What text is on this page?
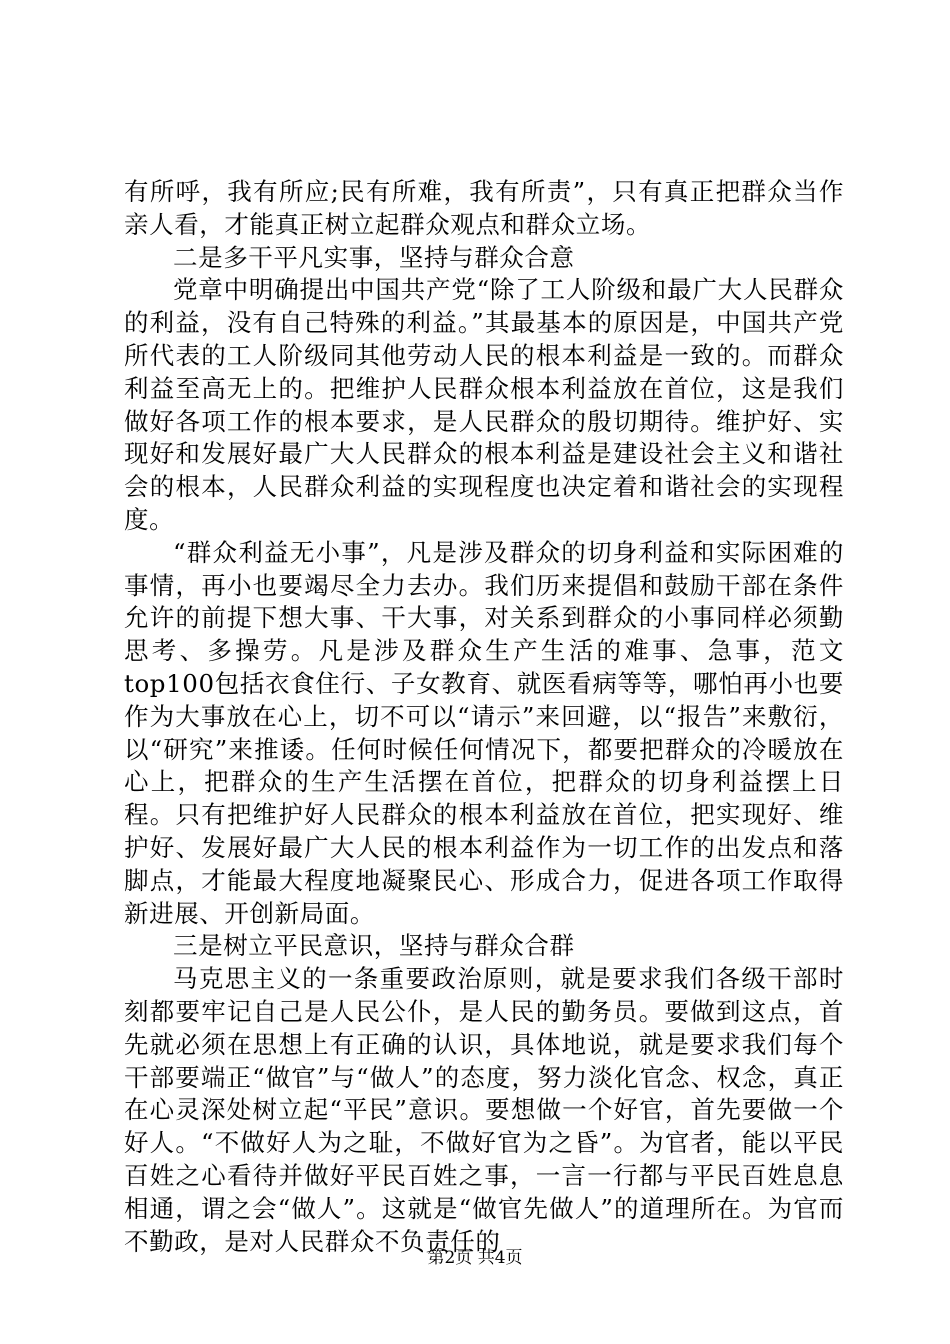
有所呼，我有所应;民有所难，我有所责”，只有真正把群众当作亲人看，才能真正树立起群众观点和群众立场。

二是多干平凡实事，坚持与群众合意

党章中明确提出中国共产党“除了工人阶级和最广大人民群众的利益，没有自己特殊的利益。”其最基本的原因是，中国共产党所代表的工人阶级同其他劳动人民的根本利益是一致的。而群众利益至高无上的。把维护人民群众根本利益放在首位，这是我们做好各项工作的根本要求，是人民群众的殷切期待。维护好、实现好和发展好最广大人民群众的根本利益是建设社会主义和谐社会的根本，人民群众利益的实现程度也决定着和谐社会的实现程度。

“群众利益无小事”，凡是涉及群众的切身利益和实际困难的事情，再小也要竭尽全力去办。我们历来提倡和鼓励干部在条件允许的前提下想大事、干大事，对关系到群众的小事同样必须勤思考、多操劳。凡是涉及群众生产生活的难事、急事，范文top100包括衣食住行、子女教育、就医看病等等，哪怕再小也要作为大事放在心上，切不可以“请示”来回避，以“报告”来敷衍，以“研究”来推诿。任何时候任何情况下，都要把群众的冷暖放在心上，把群众的生产生活摆在首位，把群众的切身利益摆上日程。只有把维护好人民群众的根本利益放在首位，把实现好、维护好、发展好最广大人民的根本利益作为一切工作的出发点和落脚点，才能最大程度地凝聚民心、形成合力，促进各项工作取得新进展、开创新局面。

三是树立平民意识，坚持与群众合群

马克思主义的一条重要政治原则，就是要求我们各级干部时刻都要牢记自己是人民公仆，是人民的勤务员。要做到这点，首先就必须在思想上有正确的认识，具体地说，就是要求我们每个干部要端正“做官”与“做人”的态度，努力淡化官念、权念，真正在心灵深处树立起“平民”意识。要想做一个好官，首先要做一个好人。“不做好人为之耻，不做好官为之昏”。为官者，能以平民百姓之心看待并做好平民百姓之事，一言一行都与平民百姓息息相通，谓之会“做人”。这就是“做官先做人”的道理所在。为官而不勤政，是对人民群众不负责任的

第2页 共4页
